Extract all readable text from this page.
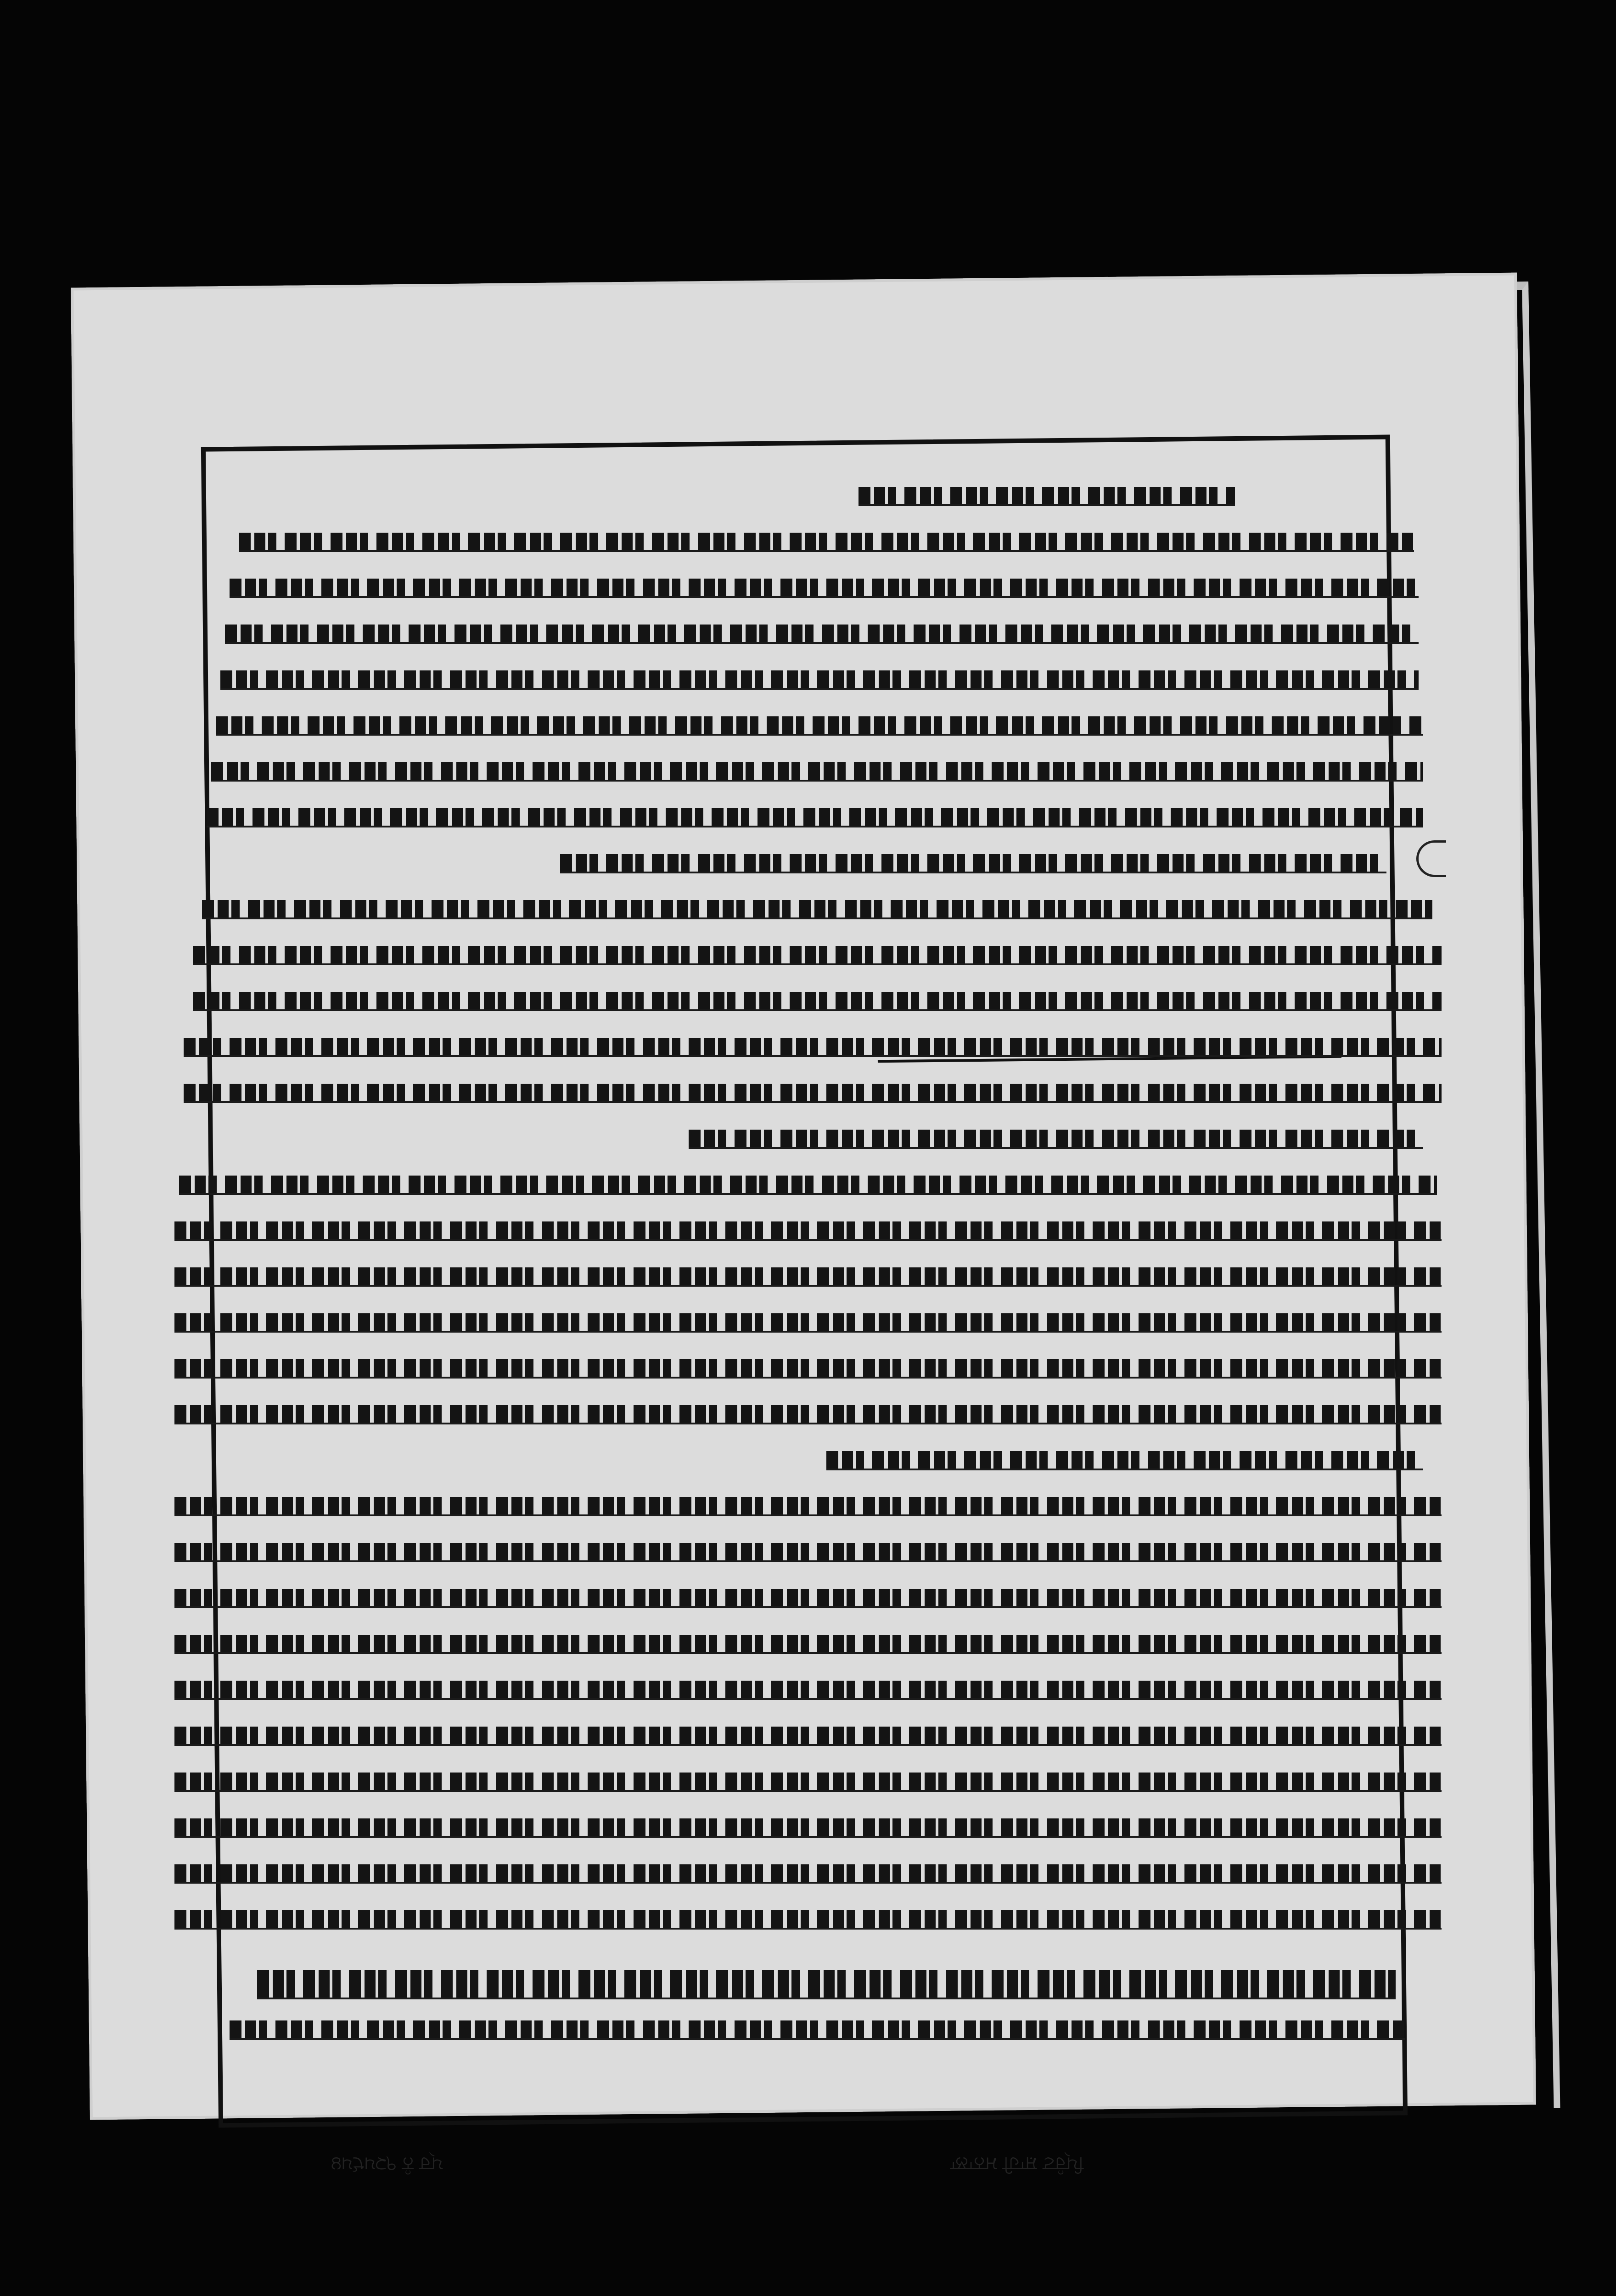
ਪ੍ਰਿੰਟ ਸ਼ਾਹੀ ਮਨਾਲਾ
ਪ੍ਰ ਨੰ ੧੨੫੯੫੪
